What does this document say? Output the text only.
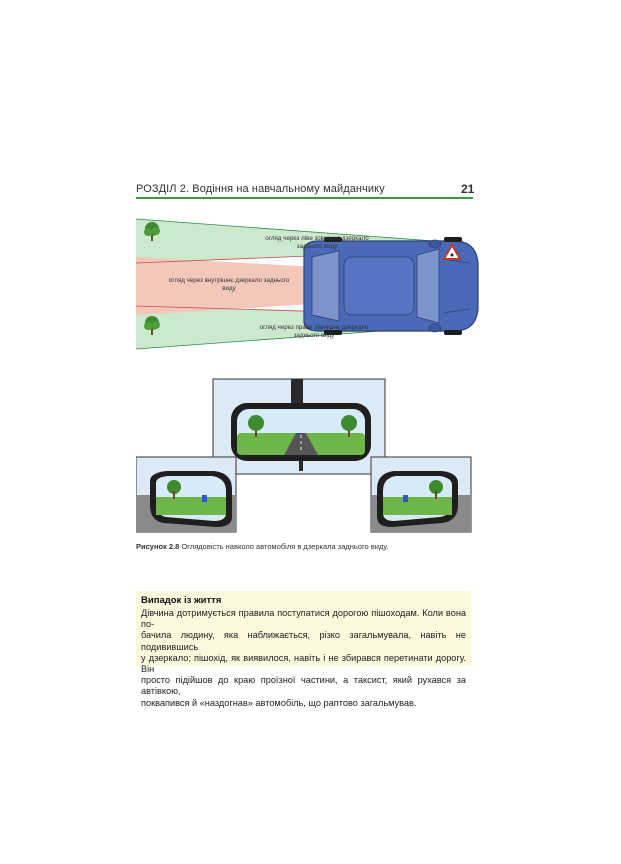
РОЗДІЛ 2. Водіння на навчальному майданчику	21
огляд через ліве зовнішнє дзеркало заднього виду
огляд через внутрішнє дзеркало заднього виду
огляд через праве зовнішнє дзеркало заднього виду
Рисунок 2.8 Оглядовість навколо автомобіля в дзеркала заднього виду.
Випадок із життя
Дівчина дотримується правила поступатися дорогою пішоходам. Коли вона по-
бачила людину, яка наближається, різко загальмувала, навіть не подивившись
у дзеркало; пішохід, як виявилося, навіть і не збирався перетинати дорогу. Він
просто підійшов до краю проїзної частини, а таксист, який рухався за автівкою,
поквапився й «наздогнав» автомобіль, що раптово загальмував.
